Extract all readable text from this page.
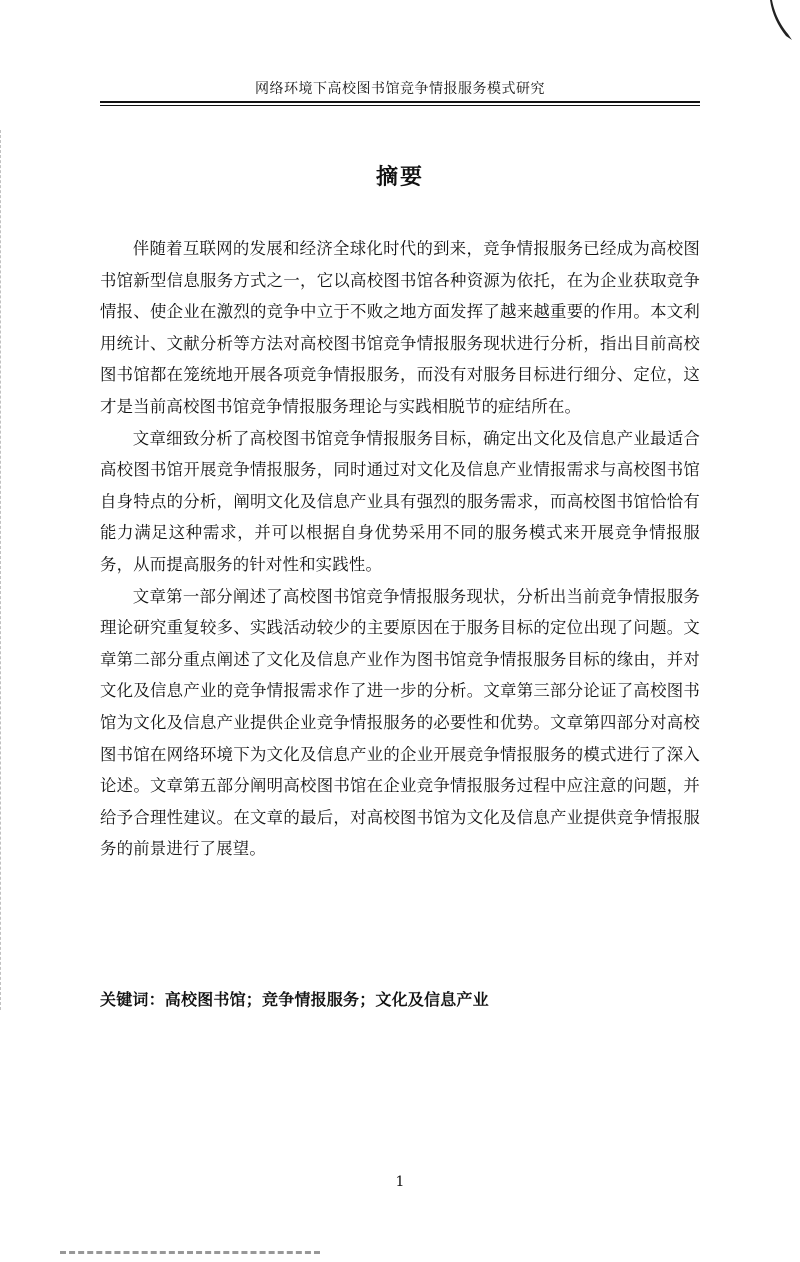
网络环境下高校图书馆竞争情报服务模式研究
摘要

伴随着互联网的发展和经济全球化时代的到来，竞争情报服务已经成为高校图书馆新型信息服务方式之一，它以高校图书馆各种资源为依托，在为企业获取竞争情报、使企业在激烈的竞争中立于不败之地方面发挥了越来越重要的作用。本文利用统计、文献分析等方法对高校图书馆竞争情报服务现状进行分析，指出目前高校图书馆都在笼统地开展各项竞争情报服务，而没有对服务目标进行细分、定位，这才是当前高校图书馆竞争情报服务理论与实践相脱节的症结所在。

文章细致分析了高校图书馆竞争情报服务目标，确定出文化及信息产业最适合高校图书馆开展竞争情报服务，同时通过对文化及信息产业情报需求与高校图书馆自身特点的分析，阐明文化及信息产业具有强烈的服务需求，而高校图书馆恰恰有能力满足这种需求，并可以根据自身优势采用不同的服务模式来开展竞争情报服务，从而提高服务的针对性和实践性。

文章第一部分阐述了高校图书馆竞争情报服务现状，分析出当前竞争情报服务理论研究重复较多、实践活动较少的主要原因在于服务目标的定位出现了问题。文章第二部分重点阐述了文化及信息产业作为图书馆竞争情报服务目标的缘由，并对文化及信息产业的竞争情报需求作了进一步的分析。文章第三部分论证了高校图书馆为文化及信息产业提供企业竞争情报服务的必要性和优势。文章第四部分对高校图书馆在网络环境下为文化及信息产业的企业开展竞争情报服务的模式进行了深入论述。文章第五部分阐明高校图书馆在企业竞争情报服务过程中应注意的问题，并给予合理性建议。在文章的最后，对高校图书馆为文化及信息产业提供竞争情报服务的前景进行了展望。

关键词：高校图书馆；竞争情报服务；文化及信息产业
1
